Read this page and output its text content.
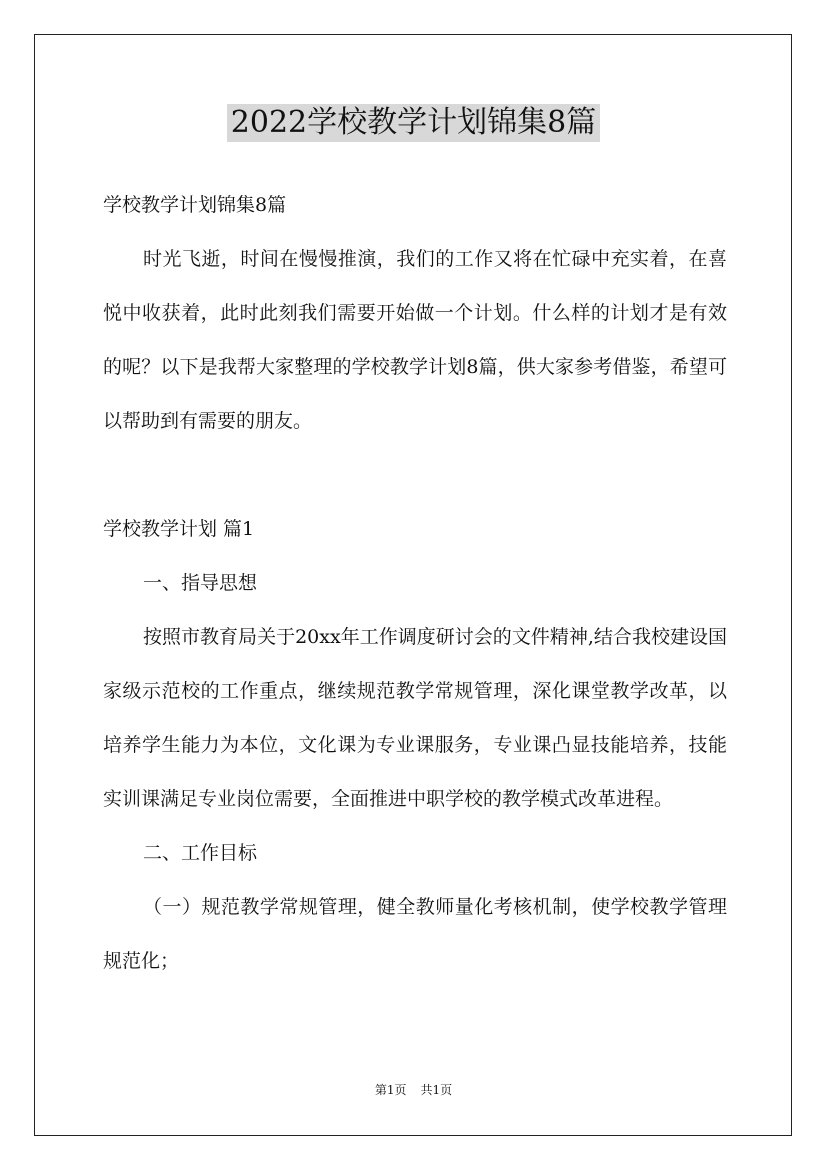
2022学校教学计划锦集8篇

学校教学计划锦集8篇

时光飞逝，时间在慢慢推演，我们的工作又将在忙碌中充实着，在喜悦中收获着，此时此刻我们需要开始做一个计划。什么样的计划才是有效的呢？以下是我帮大家整理的学校教学计划8篇，供大家参考借鉴，希望可以帮助到有需要的朋友。

学校教学计划 篇1

一、指导思想

按照市教育局关于20xx年工作调度研讨会的文件精神,结合我校建设国家级示范校的工作重点，继续规范教学常规管理，深化课堂教学改革，以培养学生能力为本位，文化课为专业课服务，专业课凸显技能培养，技能实训课满足专业岗位需要，全面推进中职学校的教学模式改革进程。

二、工作目标

（一）规范教学常规管理，健全教师量化考核机制，使学校教学管理规范化；

第1页 共1页
